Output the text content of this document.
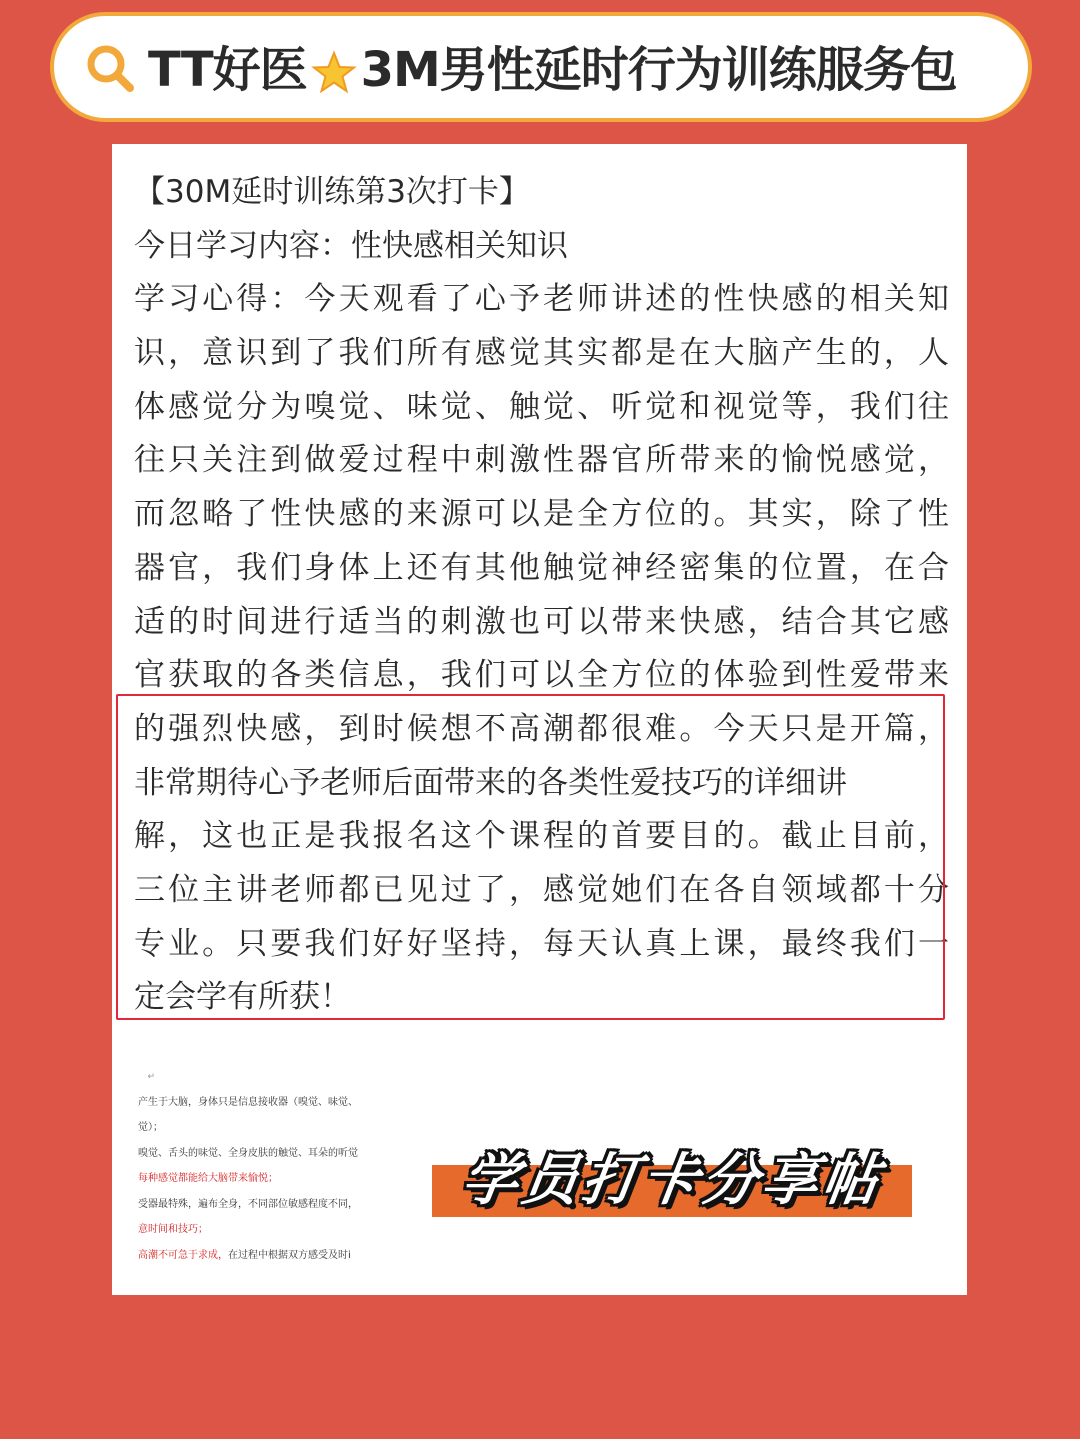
TT好医 3M男性延时行为训练服务包
【30M延时训练第3次打卡】
今日学习内容：性快感相关知识
学习心得：今天观看了心予老师讲述的性快感的相关知
识，意识到了我们所有感觉其实都是在大脑产生的，人
体感觉分为嗅觉、味觉、触觉、听觉和视觉等，我们往
往只关注到做爱过程中刺激性器官所带来的愉悦感觉，
而忽略了性快感的来源可以是全方位的。其实，除了性
器官，我们身体上还有其他触觉神经密集的位置，在合
适的时间进行适当的刺激也可以带来快感，结合其它感
官获取的各类信息，我们可以全方位的体验到性爱带来
的强烈快感，到时候想不高潮都很难。今天只是开篇，
非常期待心予老师后面带来的各类性爱技巧的详细讲
解，这也正是我报名这个课程的首要目的。截止目前，
三位主讲老师都已见过了，感觉她们在各自领域都十分
专业。只要我们好好坚持，每天认真上课，最终我们一
定会学有所获！
↵
产生于大脑，身体只是信息接收器（嗅觉、味觉、
觉）；
嗅觉、舌头的味觉、全身皮肤的触觉、耳朵的听觉
每种感觉都能给大脑带来愉悦；
受器最特殊，遍布全身，不同部位敏感程度不同，
意时间和技巧；
高潮不可急于求成，在过程中根据双方感受及时i
学员打卡分享帖
